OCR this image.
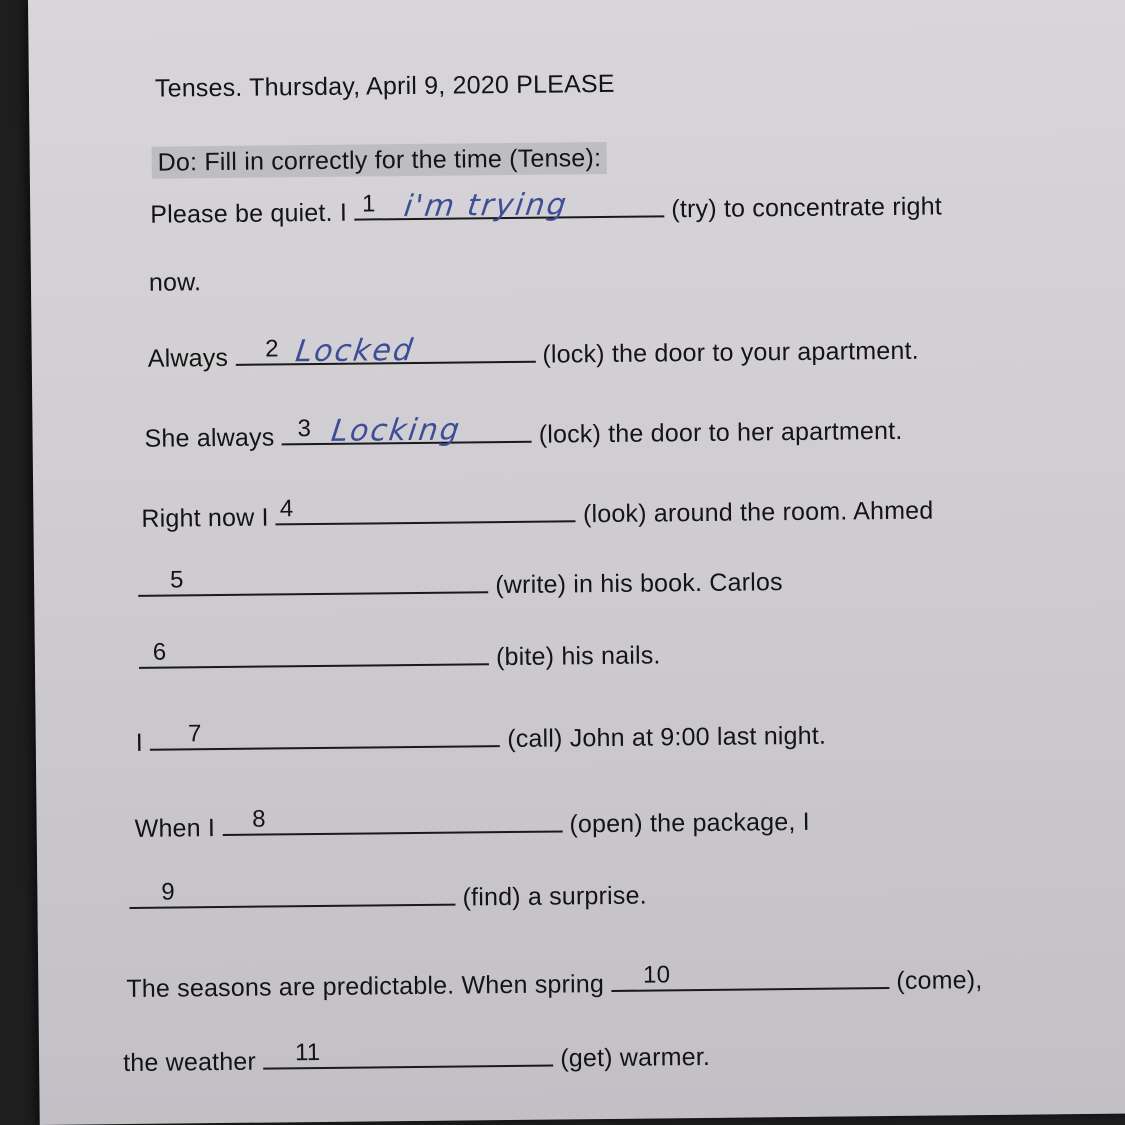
Tenses. Thursday, April 9, 2020 PLEASE
Do: Fill in correctly for the time (Tense):
Please be quiet. I 1 i'm trying	(try) to concentrate right
now.
Always 2 Locked	(lock) the door to your apartment.
She always 3 Locking	(lock) the door to her apartment.
Right now I 4	(look) around the room. Ahmed
5	(write) in his book. Carlos
6	(bite) his nails.
I 7	(call) John at 9:00 last night.
When I 8	(open) the package, I
9	(find) a surprise.
The seasons are predictable. When spring 10	(come),
the weather 11	(get) warmer.
